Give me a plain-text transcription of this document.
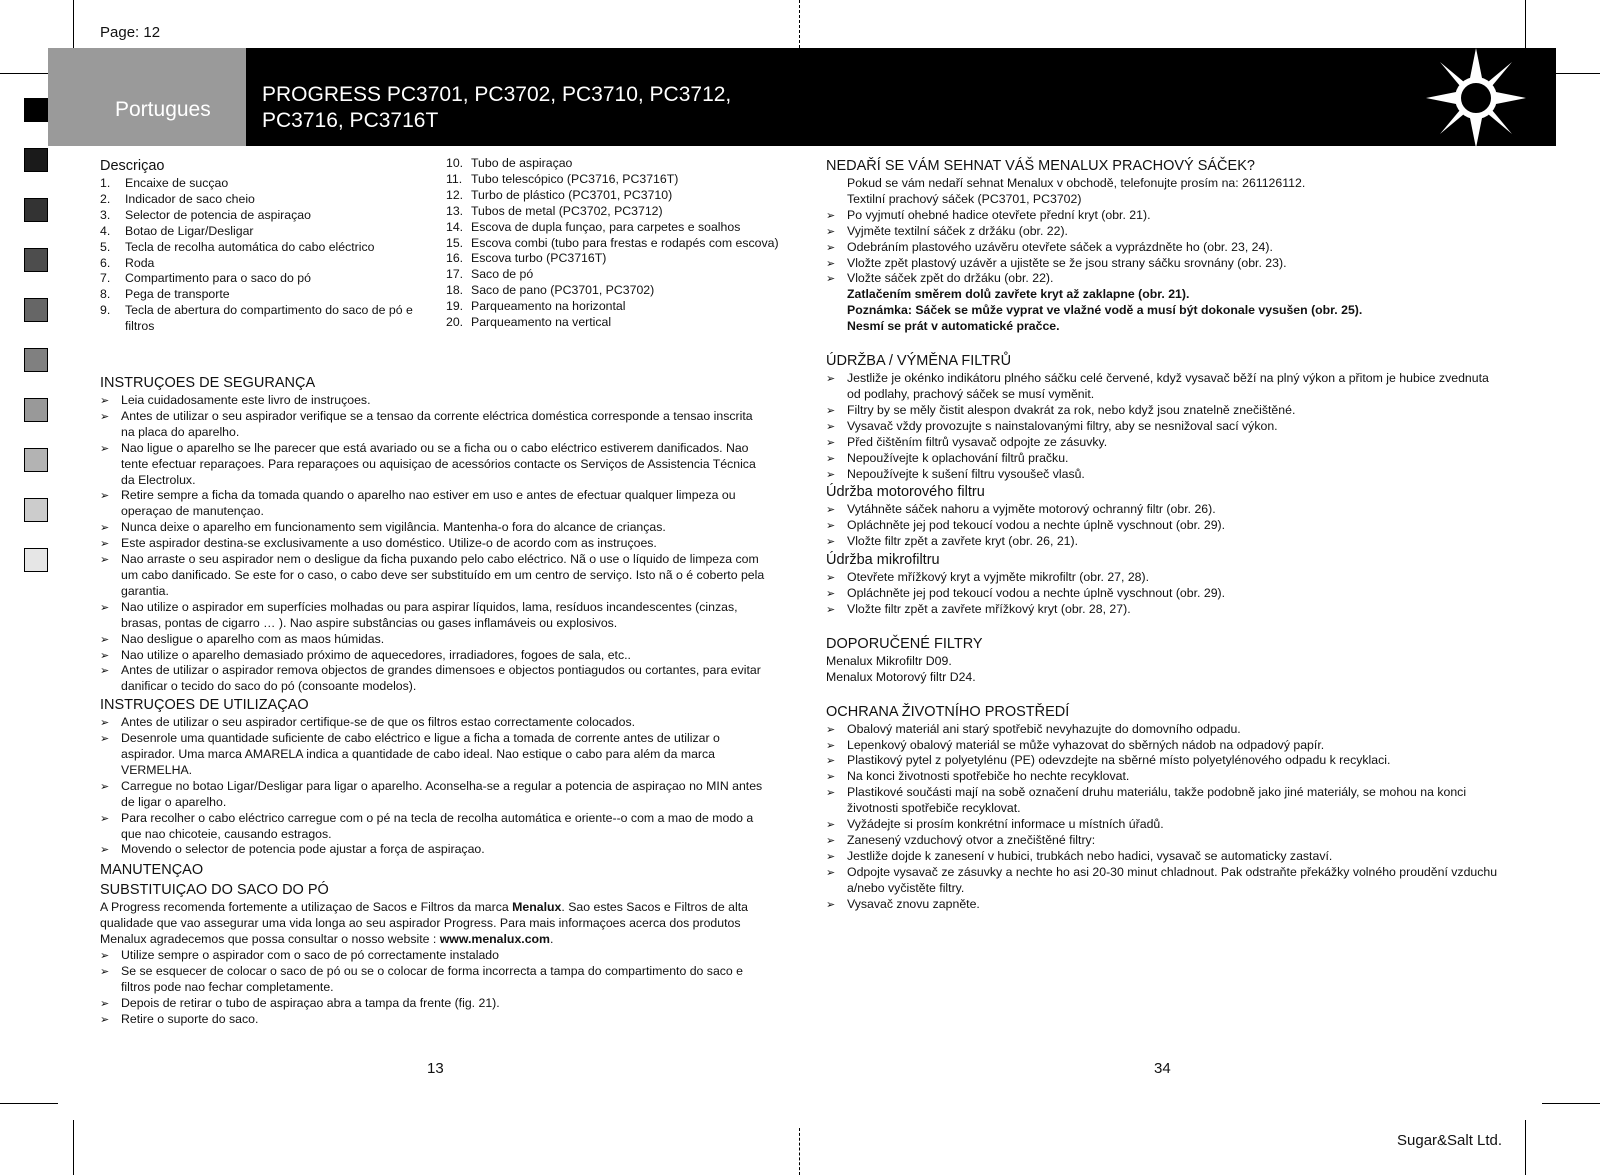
Page: 12
Portugues
PROGRESS PC3701, PC3702, PC3710, PC3712,
PC3716, PC3716T
Descriçao
1. Encaixe de sucçao
2. Indicador de saco cheio
3. Selector de potencia de aspiraçao
4. Botao de Ligar/Desligar
5. Tecla de recolha automática do cabo eléctrico
6. Roda
7. Compartimento para o saco do pó
8. Pega de transporte
9. Tecla de abertura do compartimento do saco de pó e filtros
10. Tubo de aspiraçao
11. Tubo telescópico (PC3716, PC3716T)
12. Turbo de plástico (PC3701, PC3710)
13. Tubos de metal (PC3702, PC3712)
14. Escova de dupla funçao, para carpetes e soalhos
15. Escova combi (tubo para frestas e rodapés com escova)
16. Escova turbo (PC3716T)
17. Saco de pó
18. Saco de pano (PC3701, PC3702)
19. Parqueamento na horizontal
20. Parqueamento na vertical
INSTRUÇOES DE SEGURANÇA
➢ Leia cuidadosamente este livro de instruçoes.
➢ Antes de utilizar o seu aspirador verifique se a tensao da corrente eléctrica doméstica corresponde a tensao inscrita na placa do aparelho.
➢ Nao ligue o aparelho se lhe parecer que está avariado ou se a ficha ou o cabo eléctrico estiverem danificados. Nao tente efectuar reparaçoes. Para reparaçoes ou aquisiçao de acessórios contacte os Serviços de Assistencia Técnica da Electrolux.
➢ Retire sempre a ficha da tomada quando o aparelho nao estiver em uso e antes de efectuar qualquer limpeza ou operaçao de manutençao.
➢ Nunca deixe o aparelho em funcionamento sem vigilância. Mantenha-o fora do alcance de crianças.
➢ Este aspirador destina-se exclusivamente a uso doméstico. Utilize-o de acordo com as instruçoes.
➢ Nao arraste o seu aspirador nem o desligue da ficha puxando pelo cabo eléctrico. Nã o use o líquido de limpeza com um cabo danificado. Se este for o caso, o cabo deve ser substituído em um centro de serviço. Isto nã o é coberto pela garantia.
➢ Nao utilize o aspirador em superfícies molhadas ou para aspirar líquidos, lama, resíduos incandescentes (cinzas, brasas, pontas de cigarro … ). Nao aspire substâncias ou gases inflamáveis ou explosivos.
➢ Nao desligue o aparelho com as maos húmidas.
➢ Nao utilize o aparelho demasiado próximo de aquecedores, irradiadores, fogoes de sala, etc..
➢ Antes de utilizar o aspirador remova objectos de grandes dimensoes e objectos pontiagudos ou cortantes, para evitar danificar o tecido do saco do pó (consoante modelos).
INSTRUÇOES DE UTILIZAÇAO
➢ Antes de utilizar o seu aspirador certifique-se de que os filtros estao correctamente colocados.
➢ Desenrole uma quantidade suficiente de cabo eléctrico e ligue a ficha a tomada de corrente antes de utilizar o aspirador. Uma marca AMARELA indica a quantidade de cabo ideal. Nao estique o cabo para além da marca VERMELHA.
➢ Carregue no botao Ligar/Desligar para ligar o aparelho. Aconselha-se a regular a potencia de aspiraçao no MIN antes de ligar o aparelho.
➢ Para recolher o cabo eléctrico carregue com o pé na tecla de recolha automática e oriente--o com a mao de modo a que nao chicoteie, causando estragos.
➢ Movendo o selector de potencia pode ajustar a força de aspiraçao.
MANUTENÇAO
SUBSTITUIÇAO DO SACO DO PÓ
A Progress recomenda fortemente a utilizaçao de Sacos e Filtros da marca Menalux. Sao estes Sacos e Filtros de alta qualidade que vao assegurar uma vida longa ao seu aspirador Progress. Para mais informaçoes acerca dos produtos Menalux agradecemos que possa consultar o nosso website : www.menalux.com.
➢ Utilize sempre o aspirador com o saco de pó correctamente instalado
➢ Se se esquecer de colocar o saco de pó ou se o colocar de forma incorrecta a tampa do compartimento do saco e filtros pode nao fechar completamente.
➢ Depois de retirar o tubo de aspiraçao abra a tampa da frente (fig. 21).
➢ Retire o suporte do saco.
13
NEDAŘÍ SE VÁM SEHNAT VÁŠ MENALUX PRACHOVÝ SÁČEK?
Pokud se vám nedaří sehnat Menalux v obchodě, telefonujte prosím na: 261126112.
Textilní prachový sáček (PC3701, PC3702)
➢ Po vyjmutí ohebné hadice otevřete přední kryt (obr. 21).
➢ Vyjměte textilní sáček z držáku (obr. 22).
➢ Odebráním plastového uzávěru otevřete sáček a vyprázdněte ho (obr. 23, 24).
➢ Vložte zpět plastový uzávěr a ujistěte se že jsou strany sáčku srovnány (obr. 23).
➢ Vložte sáček zpět do držáku (obr. 22).
Zatlačením směrem dolů zavřete kryt až zaklapne (obr. 21).
Poznámka: Sáček se může vyprat ve vlažné vodě a musí být dokonale vysušen (obr. 25).
Nesmí se prát v automatické pračce.
ÚDRŽBA / VÝMĚNA FILTRŮ
➢ Jestliže je okénko indikátoru plného sáčku celé červené, když vysavač běží na plný výkon a přitom je hubice zvednuta od podlahy, prachový sáček se musí vyměnit.
➢ Filtry by se měly čistit alespon dvakrát za rok, nebo když jsou znatelně znečištěné.
➢ Vysavač vždy provozujte s nainstalovanými filtry, aby se nesnižoval sací výkon.
➢ Před čištěním filtrů vysavač odpojte ze zásuvky.
➢ Nepoužívejte k oplachování filtrů pračku.
➢ Nepoužívejte k sušení filtru vysoušeč vlasů.
Údržba motorového filtru
➢ Vytáhněte sáček nahoru a vyjměte motorový ochranný filtr (obr. 26).
➢ Opláchněte jej pod tekoucí vodou a nechte úplně vyschnout (obr. 29).
➢ Vložte filtr zpět a zavřete kryt (obr. 26, 21).
Údržba mikrofiltru
➢ Otevřete mřížkový kryt a vyjměte mikrofiltr (obr. 27, 28).
➢ Opláchněte jej pod tekoucí vodou a nechte úplně vyschnout (obr. 29).
➢ Vložte filtr zpět a zavřete mřížkový kryt (obr. 28, 27).
DOPORUČENÉ FILTRY
Menalux Mikrofiltr D09.
Menalux Motorový filtr D24.
OCHRANA ŽIVOTNÍHO PROSTŘEDÍ
➢ Obalový materiál ani starý spotřebič nevyhazujte do domovního odpadu.
➢ Lepenkový obalový materiál se může vyhazovat do sběrných nádob na odpadový papír.
➢ Plastikový pytel z polyetylénu (PE) odevzdejte na sběrné místo polyetylénového odpadu k recyklaci.
➢ Na konci životnosti spotřebiče ho nechte recyklovat.
➢ Plastikové součásti mají na sobě označení druhu materiálu, takže podobně jako jiné materiály, se mohou na konci životnosti spotřebiče recyklovat.
➢ Vyžádejte si prosím konkrétní informace u místních úřadů.
➢ Zanesený vzduchový otvor a znečištěné filtry:
➢ Jestliže dojde k zanesení v hubici, trubkách nebo hadici, vysavač se automaticky zastaví.
➢ Odpojte vysavač ze zásuvky a nechte ho asi 20-30 minut chladnout. Pak odstraňte překážky volného proudění vzduchu a/nebo vyčistěte filtry.
➢ Vysavač znovu zapněte.
34
Sugar&Salt Ltd.
